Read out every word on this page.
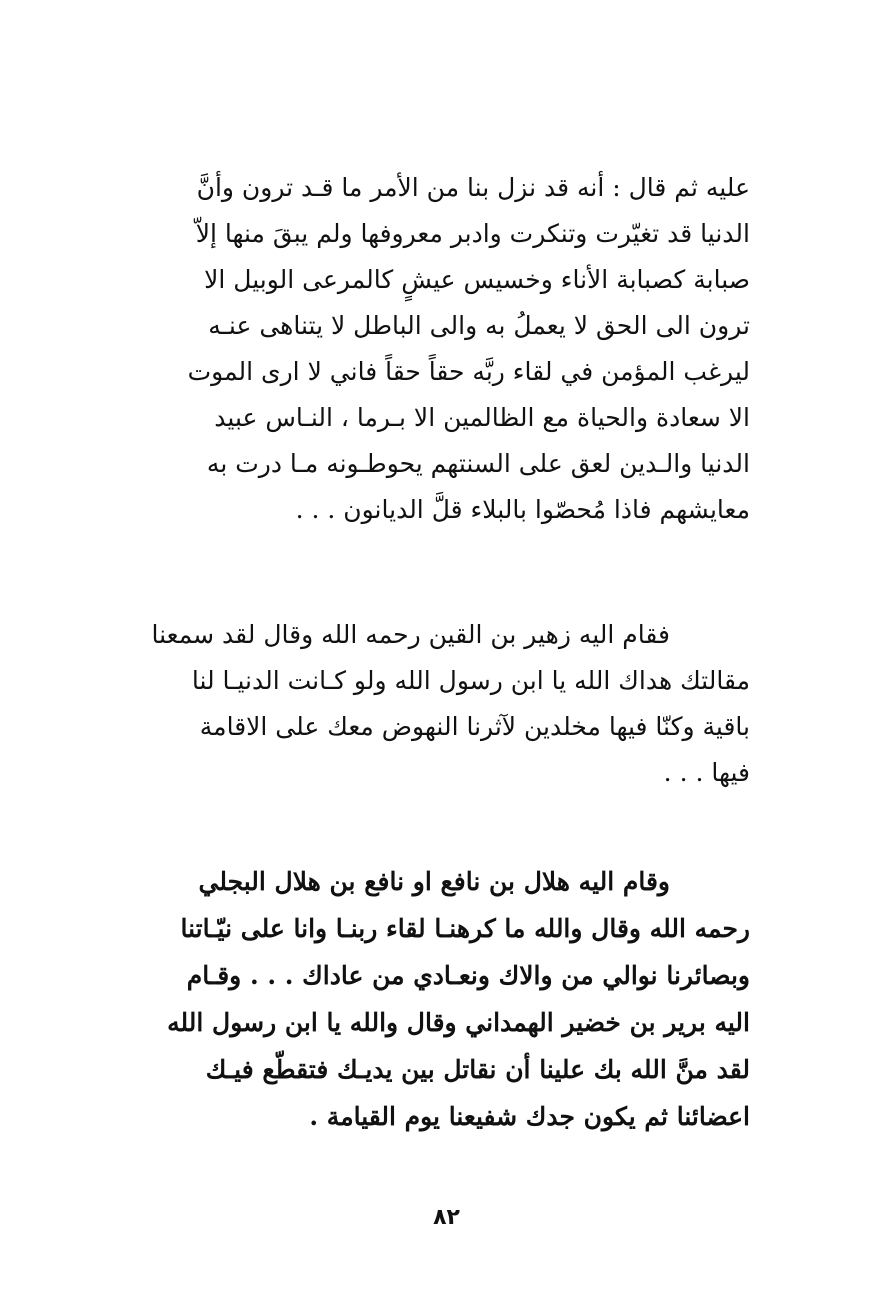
عليه ثم قال : أنه قد نزل بنا من الأمر ما قـد ترون وأنَّ
الدنيا قد تغيّرت وتنكرت وادبر معروفها ولم يبقَ منها إلاّ
صبابة كصبابة الأناء وخسيس عيشٍ كالمرعى الوبيل الا
ترون الى الحق لا يعملُ به والى الباطل لا يتناهى عنـه
ليرغب المؤمن في لقاء ربَّه حقاً حقاً فاني لا ارى الموت
الا سعادة والحياة مع الظالمين الا بـرما ، النـاس عبيد
الدنيا والـدين لعق على السنتهم يحوطـونه مـا درت به
معايشهم فاذا مُحصّوا بالبلاء قلَّ الديانون . . .
فقام اليه زهير بن القين رحمه الله وقال لقد سمعنا
مقالتك هداك الله يا ابن رسول الله ولو كـانت الدنيـا لنا
باقية وكنّا فيها مخلدين لآثرنا النهوض معك على الاقامة
فيها . . .
وقام اليه هلال بن نافع او نافع بن هلال البجلي
رحمه الله وقال والله ما كرهنـا لقاء ربنـا وانا على نيّـاتنا
وبصائرنا نوالي من والاك ونعـادي من عاداك . . . وقـام
اليه برير بن خضير الهمداني وقال والله يا ابن رسول الله
لقد منَّ الله بك علينا أن نقاتل بين يديـك فتقطّع فيـك
اعضائنا ثم يكون جدك شفيعنا يوم القيامة .
٨٢
